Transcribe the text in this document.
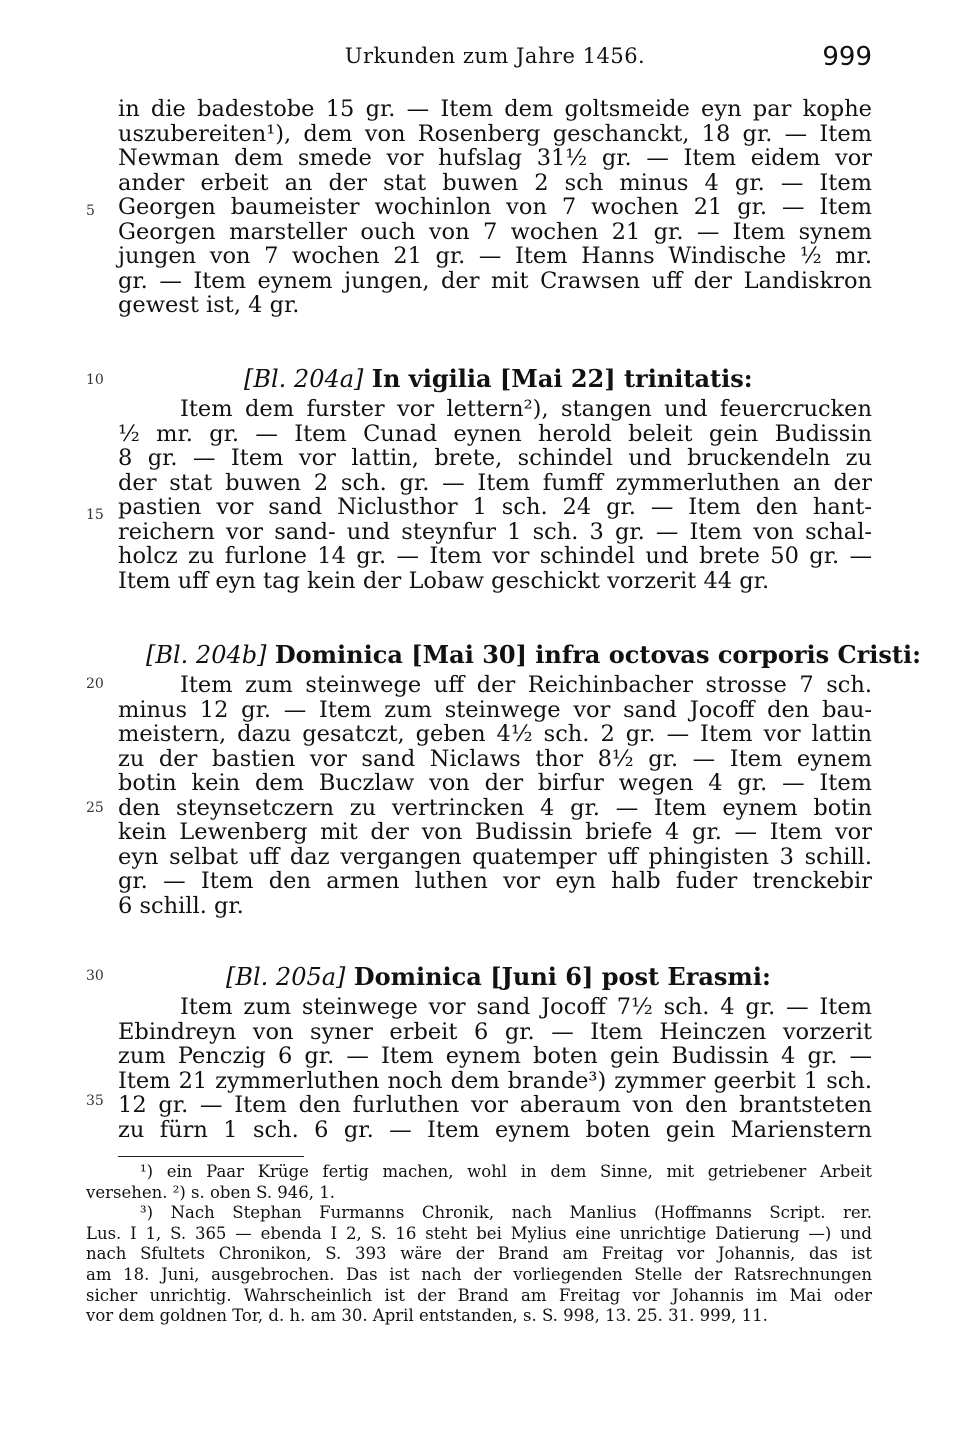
Urkunden zum Jahre 1456.	999
in die badestobe 15 gr. — Item dem goltsmeide eyn par kophe
uszubereiten¹), dem von Rosenberg geschanckt, 18 gr. — Item
Newman dem smede vor hufslag 31½ gr. — Item eidem vor
ander erbeit an der stat buwen 2 sch minus 4 gr. — Item
Georgen baumeister wochinlon von 7 wochen 21 gr. — Item
Georgen marsteller ouch von 7 wochen 21 gr. — Item synem
jungen von 7 wochen 21 gr. — Item Hanns Windische ½ mr.
gr. — Item eynem jungen, der mit Crawsen uff der Landiskron
gewest ist, 4 gr.
[Bl. 204a] In vigilia [Mai 22] trinitatis:
Item dem furster vor lettern²), stangen und feuercrucken
½ mr. gr. — Item Cunad eynen herold beleit gein Budissin
8 gr. — Item vor lattin, brete, schindel und bruckendeln zu
der stat buwen 2 sch. gr. — Item fumff zymmerluthen an der
pastien vor sand Niclusthor 1 sch. 24 gr. — Item den hant-
reichern vor sand- und steynfur 1 sch. 3 gr. — Item von schal-
holcz zu furlone 14 gr. — Item vor schindel und brete 50 gr. —
Item uff eyn tag kein der Lobaw geschickt vorzerit 44 gr.
[Bl. 204b] Dominica [Mai 30] infra octovas corporis Cristi:
Item zum steinwege uff der Reichinbacher strosse 7 sch.
minus 12 gr. — Item zum steinwege vor sand Jocoff den bau-
meistern, dazu gesatczt, geben 4½ sch. 2 gr. — Item vor lattin
zu der bastien vor sand Niclaws thor 8½ gr. — Item eynem
botin kein dem Buczlaw von der birfur wegen 4 gr. — Item
den steynsetczern zu vertrincken 4 gr. — Item eynem botin
kein Lewenberg mit der von Budissin briefe 4 gr. — Item vor
eyn selbat uff daz vergangen quatemper uff phingisten 3 schill.
gr. — Item den armen luthen vor eyn halb fuder trenckebir
6 schill. gr.
[Bl. 205a] Dominica [Juni 6] post Erasmi:
Item zum steinwege vor sand Jocoff 7½ sch. 4 gr. — Item
Ebindreyn von syner erbeit 6 gr. — Item Heinczen vorzerit
zum Penczig 6 gr. — Item eynem boten gein Budissin 4 gr. —
Item 21 zymmerluthen noch dem brande³) zymmer geerbit 1 sch.
12 gr. — Item den furluthen vor aberaum von den brantsteten
zu fürn 1 sch. 6 gr. — Item eynem boten gein Marienstern
5
10
15
20
25
30
35
¹) ein Paar Krüge fertig machen, wohl in dem Sinne, mit getriebener Arbeit
versehen. ²) s. oben S. 946, 1.
³) Nach Stephan Furmanns Chronik, nach Manlius (Hoffmanns Script. rer.
Lus. I 1, S. 365 — ebenda I 2, S. 16 steht bei Mylius eine unrichtige Datierung —) und
nach Sfultets Chronikon, S. 393 wäre der Brand am Freitag vor Johannis, das ist
am 18. Juni, ausgebrochen. Das ist nach der vorliegenden Stelle der Ratsrechnungen
sicher unrichtig. Wahrscheinlich ist der Brand am Freitag vor Johannis im Mai oder
vor dem goldnen Tor, d. h. am 30. April entstanden, s. S. 998, 13. 25. 31. 999, 11.
